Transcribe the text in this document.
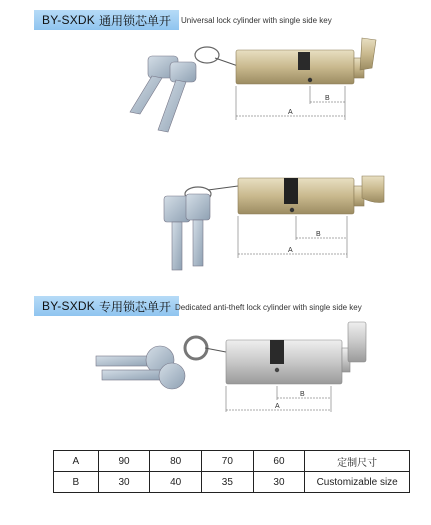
BY-SXDK 通用锁芯单开 Universal lock cylinder with single side key
B
A
B
A
BY-SXDK 专用锁芯单开 Dedicated anti-theft lock cylinder with single side key
B
A
A	90	80	70	60	定制尺寸
B	30	40	35	30	Customizable size
